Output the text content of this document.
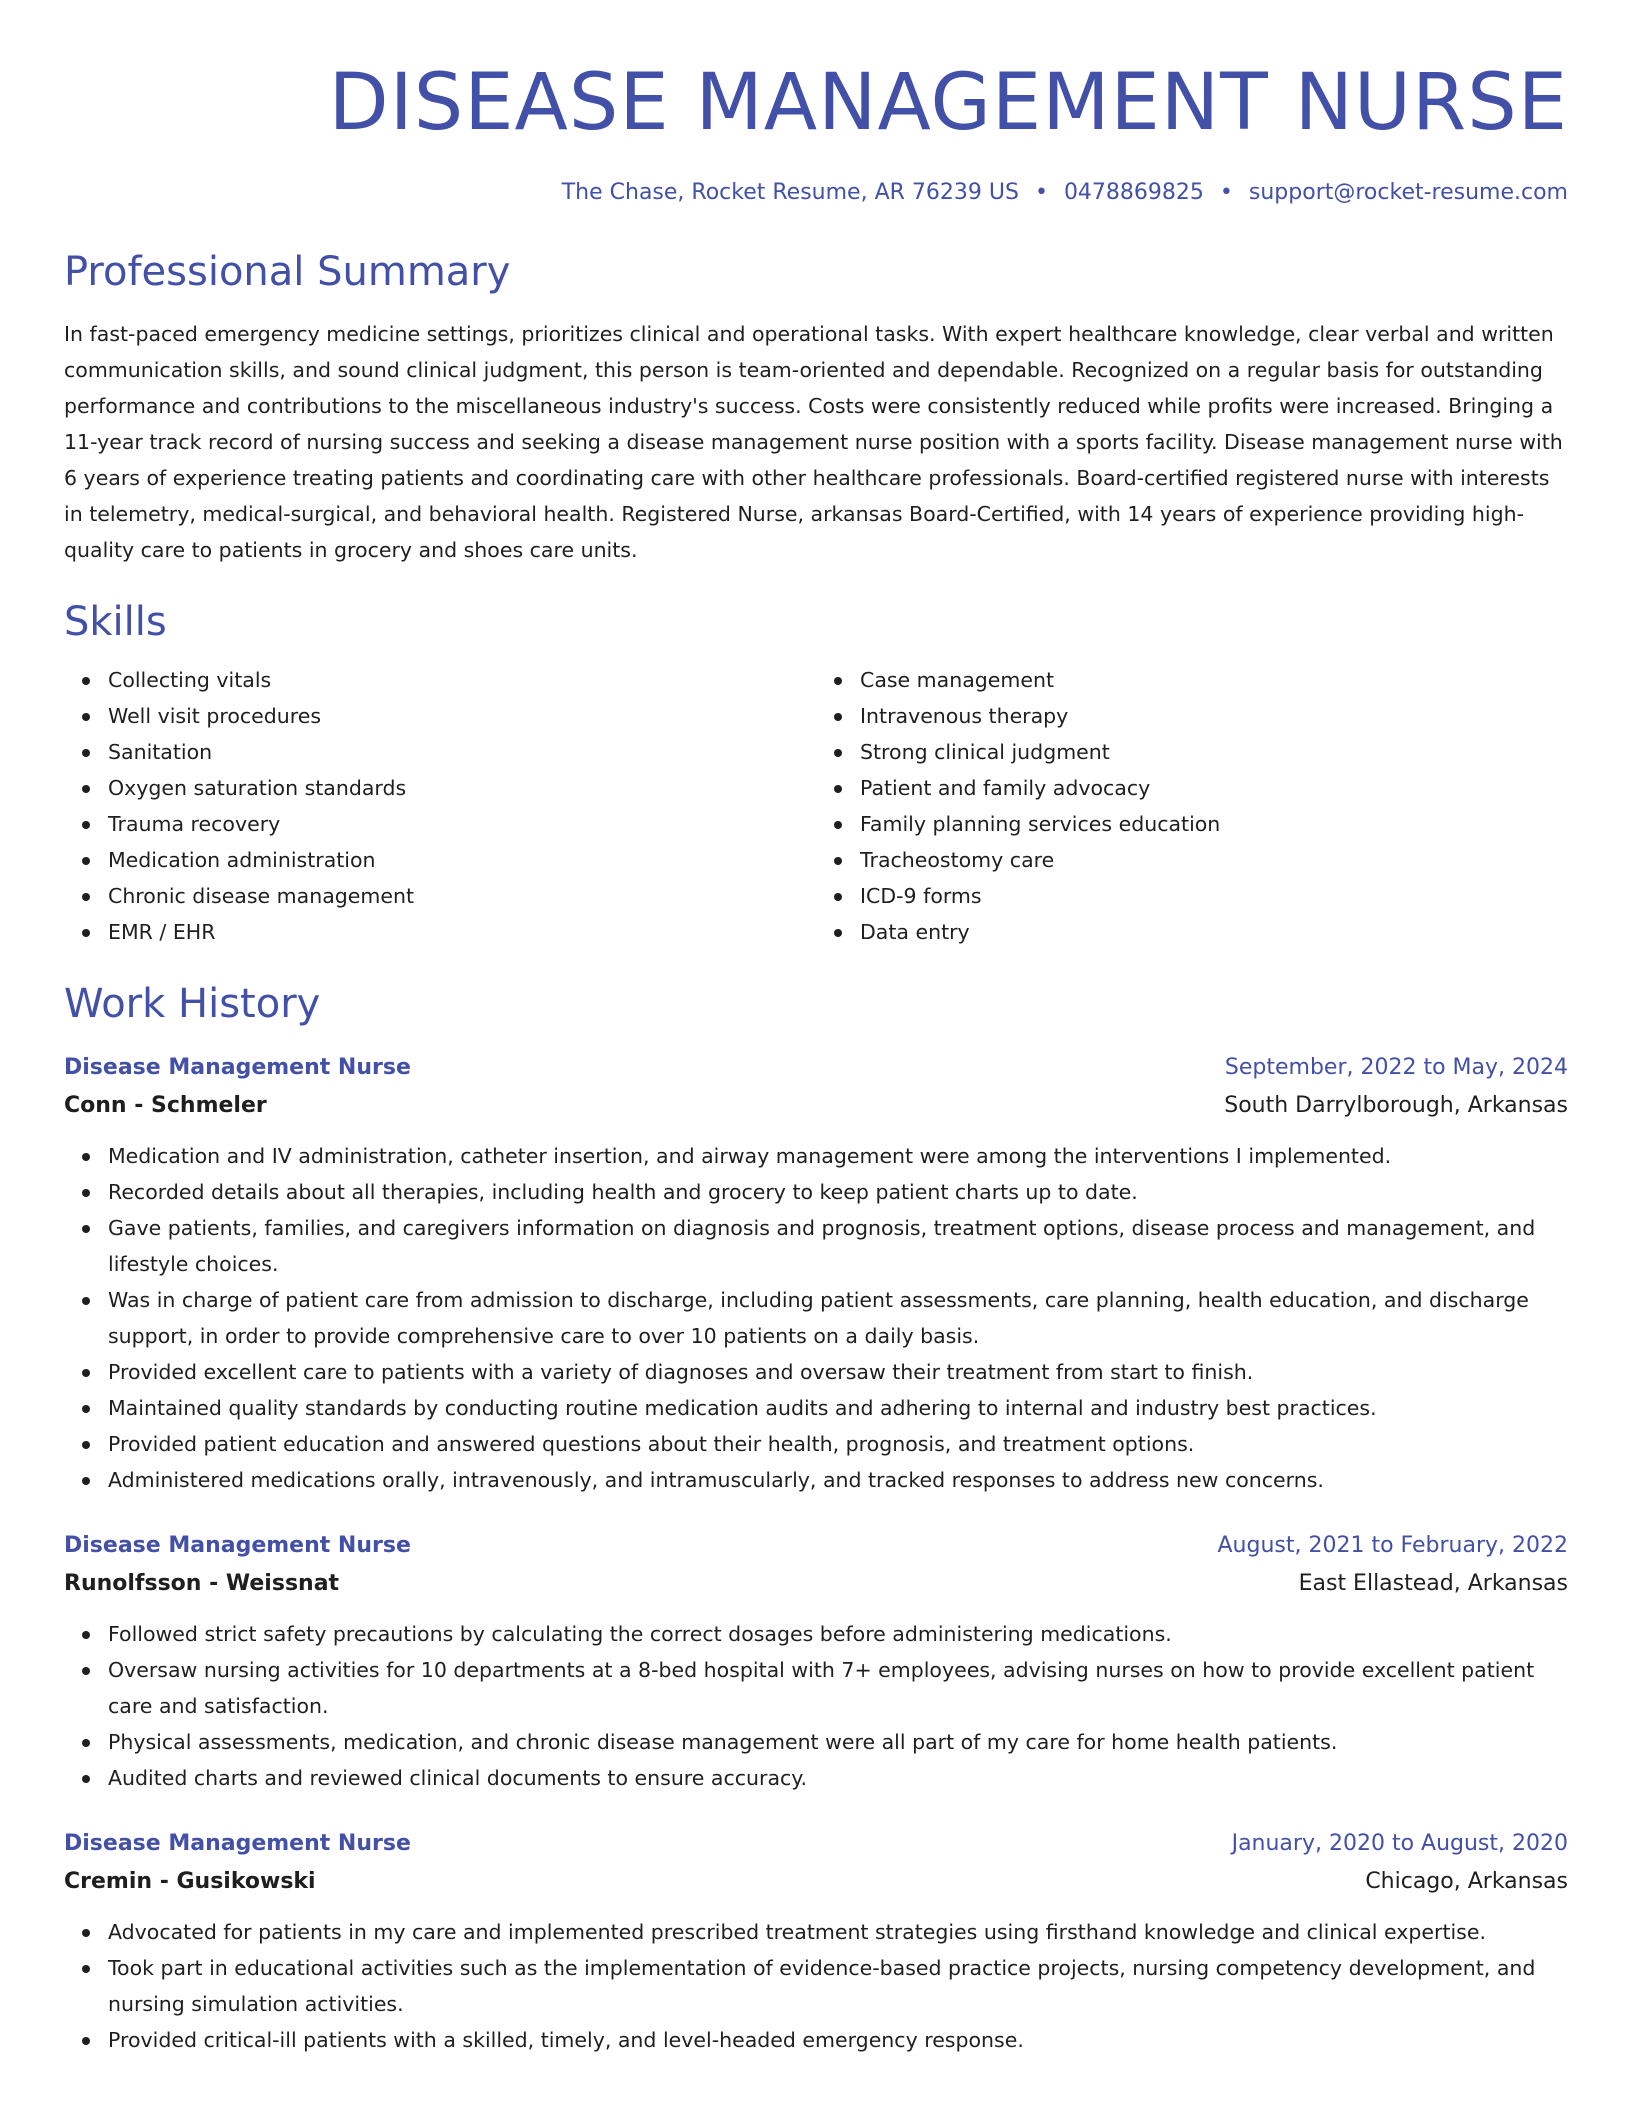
DISEASE MANAGEMENT NURSE
The Chase, Rocket Resume, AR 76239 US • 0478869825 • support@rocket-resume.com
Professional Summary

In fast-paced emergency medicine settings, prioritizes clinical and operational tasks. With expert healthcare knowledge, clear verbal and written communication skills, and sound clinical judgment, this person is team-oriented and dependable. Recognized on a regular basis for outstanding performance and contributions to the miscellaneous industry's success. Costs were consistently reduced while profits were increased. Bringing a 11-year track record of nursing success and seeking a disease management nurse position with a sports facility. Disease management nurse with 6 years of experience treating patients and coordinating care with other healthcare professionals. Board-certified registered nurse with interests in telemetry, medical-surgical, and behavioral health. Registered Nurse, arkansas Board-Certified, with 14 years of experience providing high-quality care to patients in grocery and shoes care units.

Skills
Collecting vitals
Well visit procedures
Sanitation
Oxygen saturation standards
Trauma recovery
Medication administration
Chronic disease management
EMR / EHR
Case management
Intravenous therapy
Strong clinical judgment
Patient and family advocacy
Family planning services education
Tracheostomy care
ICD-9 forms
Data entry
Work History
Disease Management Nurse	September, 2022 to May, 2024
Conn - Schmeler	South Darrylborough, Arkansas
Medication and IV administration, catheter insertion, and airway management were among the interventions I implemented.
Recorded details about all therapies, including health and grocery to keep patient charts up to date.
Gave patients, families, and caregivers information on diagnosis and prognosis, treatment options, disease process and management, and lifestyle choices.
Was in charge of patient care from admission to discharge, including patient assessments, care planning, health education, and discharge support, in order to provide comprehensive care to over 10 patients on a daily basis.
Provided excellent care to patients with a variety of diagnoses and oversaw their treatment from start to finish.
Maintained quality standards by conducting routine medication audits and adhering to internal and industry best practices.
Provided patient education and answered questions about their health, prognosis, and treatment options.
Administered medications orally, intravenously, and intramuscularly, and tracked responses to address new concerns.
Disease Management Nurse	August, 2021 to February, 2022
Runolfsson - Weissnat	East Ellastead, Arkansas
Followed strict safety precautions by calculating the correct dosages before administering medications.
Oversaw nursing activities for 10 departments at a 8-bed hospital with 7+ employees, advising nurses on how to provide excellent patient care and satisfaction.
Physical assessments, medication, and chronic disease management were all part of my care for home health patients.
Audited charts and reviewed clinical documents to ensure accuracy.
Disease Management Nurse	January, 2020 to August, 2020
Cremin - Gusikowski	Chicago, Arkansas
Advocated for patients in my care and implemented prescribed treatment strategies using firsthand knowledge and clinical expertise.
Took part in educational activities such as the implementation of evidence-based practice projects, nursing competency development, and nursing simulation activities.
Provided critical-ill patients with a skilled, timely, and level-headed emergency response.
